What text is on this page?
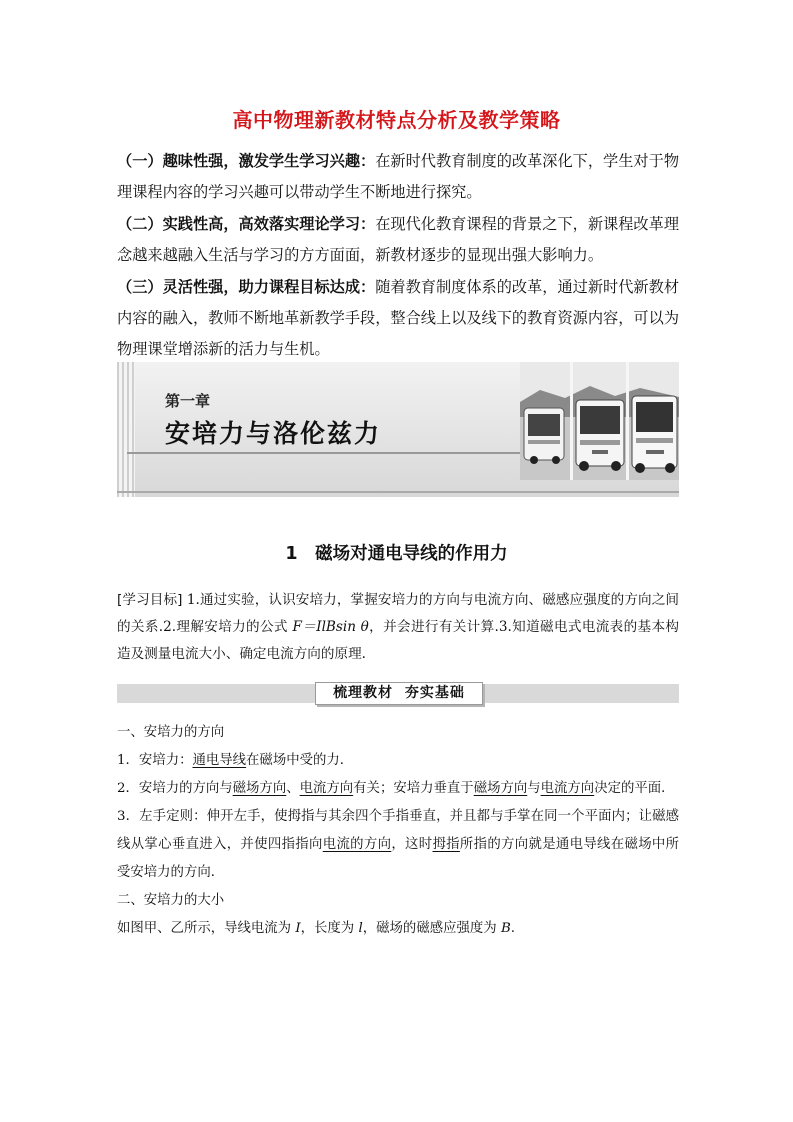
高中物理新教材特点分析及教学策略

（一）趣味性强，激发学生学习兴趣：在新时代教育制度的改革深化下，学生对于物理课程内容的学习兴趣可以带动学生不断地进行探究。

（二）实践性高，高效落实理论学习：在现代化教育课程的背景之下，新课程改革理念越来越融入生活与学习的方方面面，新教材逐步的显现出强大影响力。

（三）灵活性强，助力课程目标达成：随着教育制度体系的改革，通过新时代新教材内容的融入，教师不断地革新教学手段，整合线上以及线下的教育资源内容，可以为物理课堂增添新的活力与生机。

第一章
安培力与洛伦兹力
1　磁场对通电导线的作用力
[学习目标] 1.通过实验，认识安培力，掌握安培力的方向与电流方向、磁感应强度的方向之间的关系.2.理解安培力的公式 F＝IlBsin θ，并会进行有关计算.3.知道磁电式电流表的基本构造及测量电流大小、确定电流方向的原理.
梳理教材 夯实基础

一、安培力的方向

1．安培力：通电导线在磁场中受的力．

2．安培力的方向与磁场方向、电流方向有关；安培力垂直于磁场方向与电流方向决定的平面．

3．左手定则：伸开左手，使拇指与其余四个手指垂直，并且都与手掌在同一个平面内；让磁感线从掌心垂直进入，并使四指指向电流的方向，这时拇指所指的方向就是通电导线在磁场中所受安培力的方向．

二、安培力的大小

如图甲、乙所示，导线电流为 I，长度为 l，磁场的磁感应强度为 B.
